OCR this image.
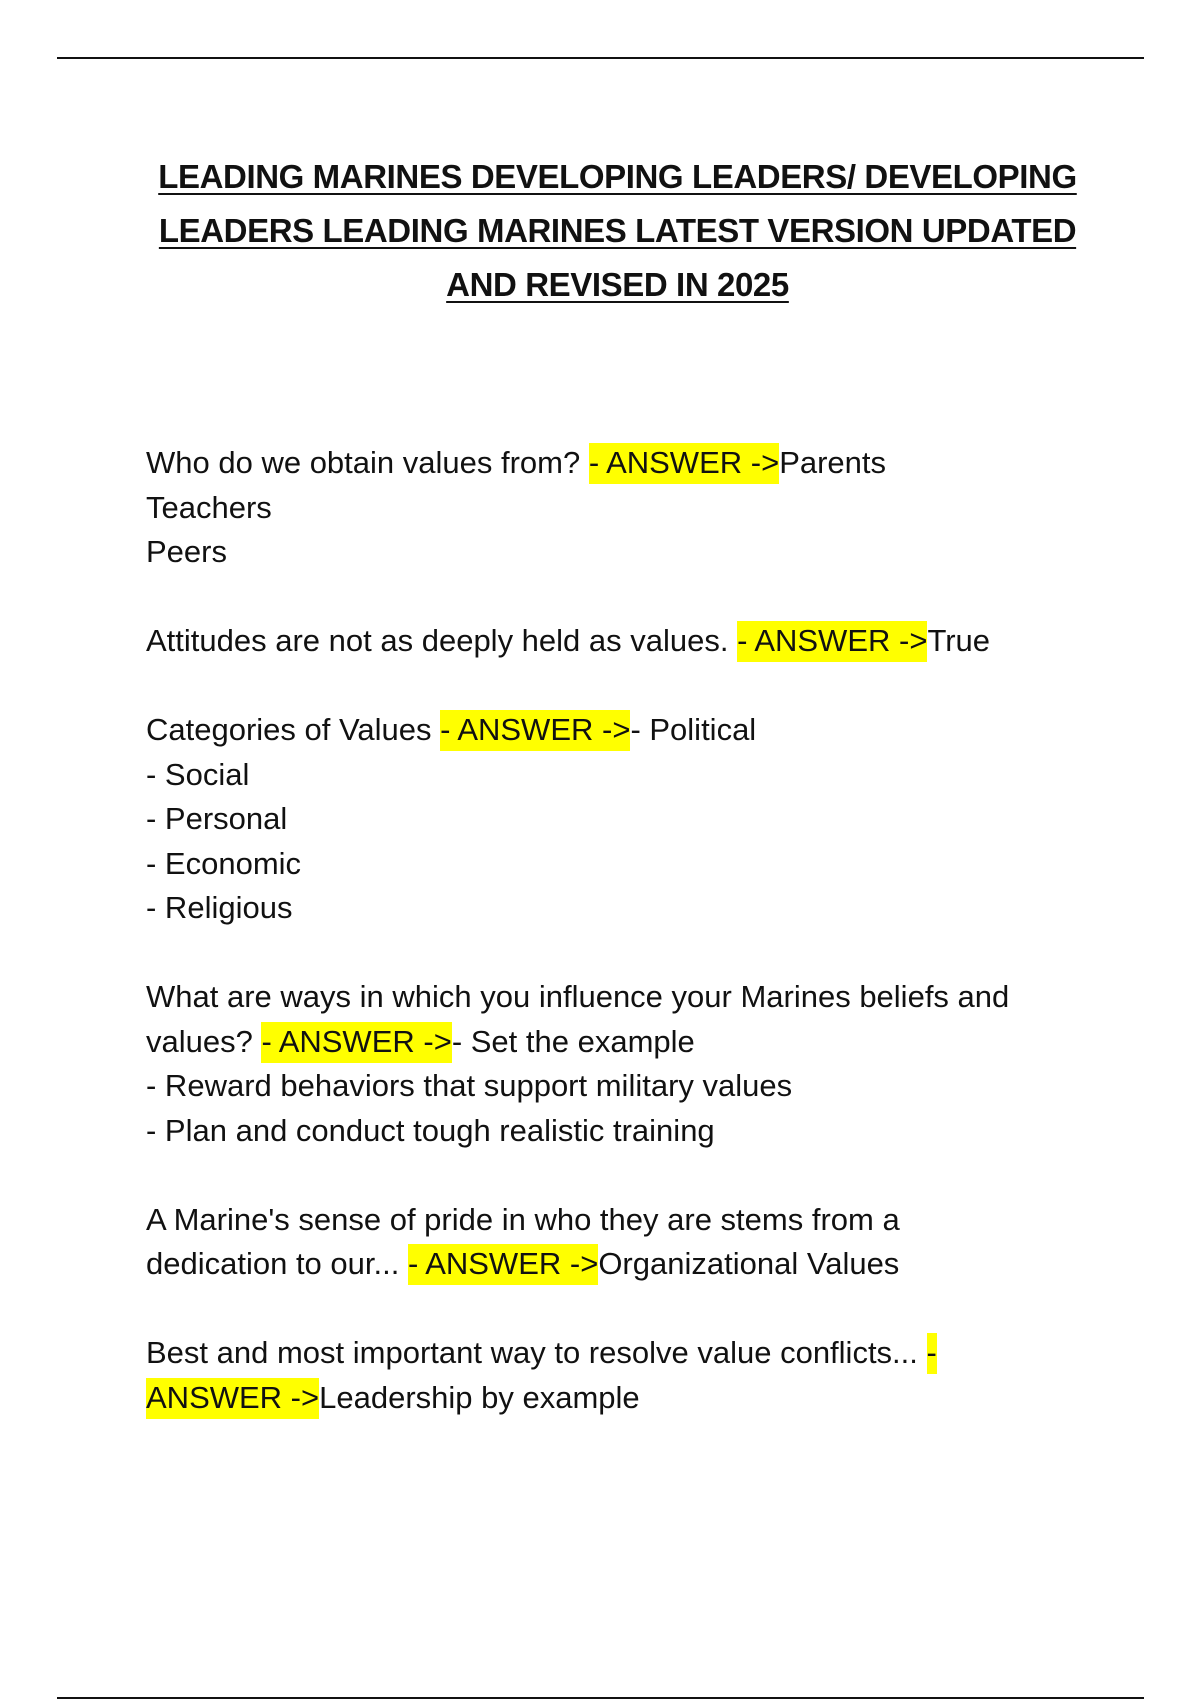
LEADING MARINES DEVELOPING LEADERS/ DEVELOPING
LEADERS LEADING MARINES LATEST VERSION UPDATED
AND REVISED IN 2025
Who do we obtain values from? - ANSWER ->Parents
Teachers
Peers
Attitudes are not as deeply held as values. - ANSWER ->True
Categories of Values - ANSWER ->- Political
- Social
- Personal
- Economic
- Religious
What are ways in which you influence your Marines beliefs and
values? - ANSWER ->- Set the example
- Reward behaviors that support military values
- Plan and conduct tough realistic training
A Marine's sense of pride in who they are stems from a
dedication to our... - ANSWER ->Organizational Values
Best and most important way to resolve value conflicts... -
ANSWER ->Leadership by example
